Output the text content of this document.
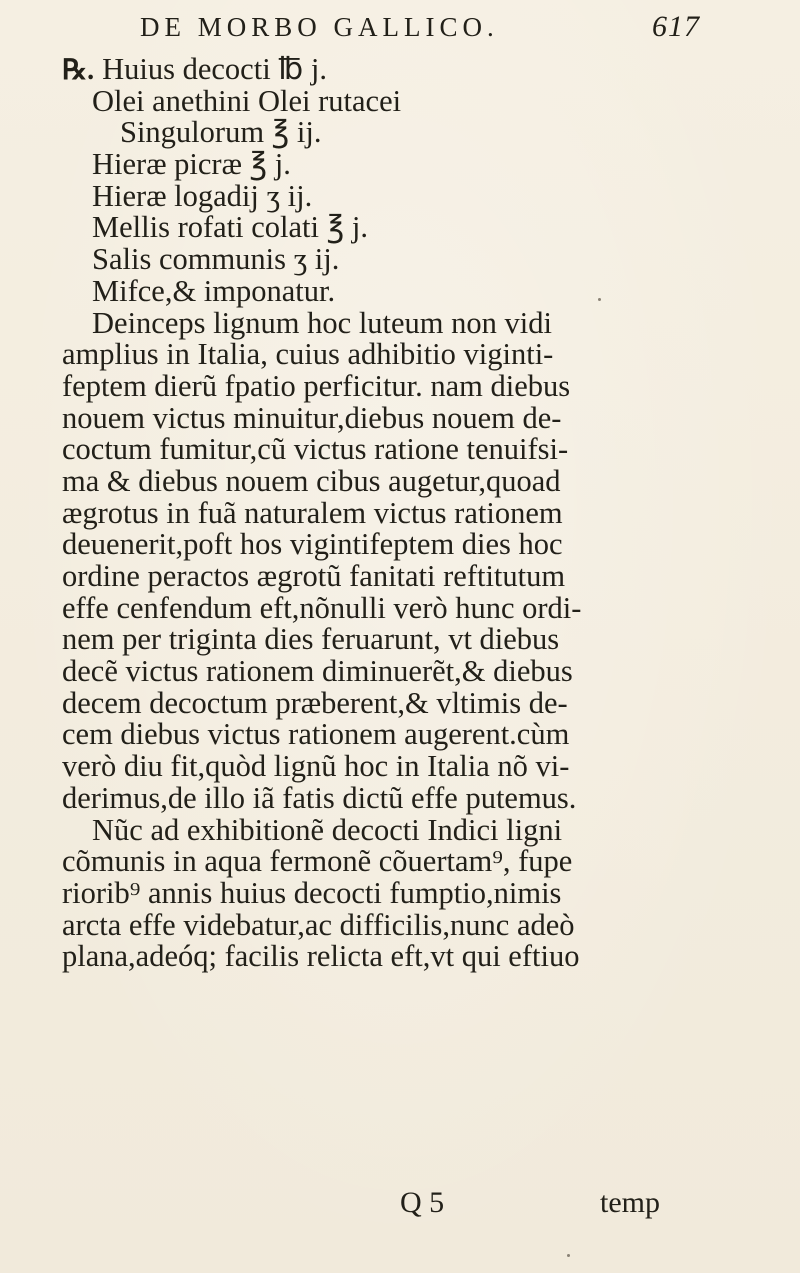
DE MORBO GALLICO.	617
℞. Huius decocti ℔ j.
Olei anethini Olei rutacei
Singulorum ℥ ij.
Hieræ picræ ℥ j.
Hieræ logadij ʒ ij.
Mellis rofati colati ℥ j.
Salis communis ʒ ij.
Mifce,& imponatur.
Deinceps lignum hoc luteum non vidi
amplius in Italia, cuius adhibitio vigintі-
feptem dierũ fpatio perficitur. nam diebus
nouem victus minuitur,diebus nouem de-
coctum fumitur,cũ victus ratione tenuifsi-
ma & diebus nouem cibus augetur,quoad
ægrotus in fuã naturalem victus rationem
deuenerit,poft hos vigintifeptem dies hoc
ordine peractos ægrotũ fanitati reftitutum
effe cenfendum eft,nõnulli verò hunc ordi-
nem per triginta dies feruarunt, vt diebus
decẽ victus rationem diminuerẽt,& diebus
decem decoctum præberent,& vltimis de-
cem diebus victus rationem augerent.cùm
verò diu fit,quòd lignũ hoc in Italia nõ vi-
derimus,de illo iã fatis dictũ effe putemus.
Nũc ad exhibitionẽ decocti Indici ligni
cõmunis in aqua fermonẽ cõuertam⁹, fupe
riorib⁹ annis huius decocti fumptio,nimis
arcta effe videbatur,ac difficilis,nunc adeò
plana,adeóq; facilis relicta eft,vt qui eftiuo
Q 5	temp
